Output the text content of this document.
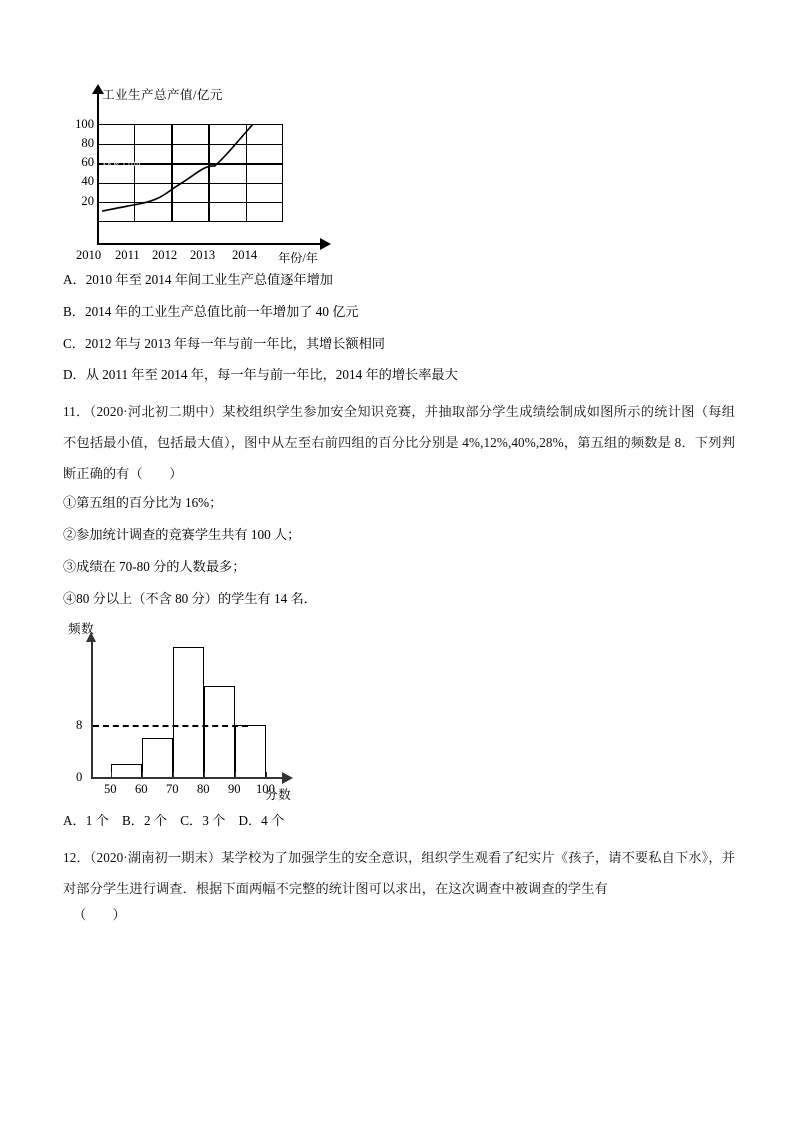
工业生产总产值/亿元
xkw.com
100
80
60
40
20
2010 2011 2012 2013 2014 年份/年
A．2010 年至 2014 年间工业生产总值逐年增加
B．2014 年的工业生产总值比前一年增加了 40 亿元
C．2012 年与 2013 年每一年与前一年比，其增长额相同
D．从 2011 年至 2014 年，每一年与前一年比，2014 年的增长率最大
11．（2020·河北初二期中）某校组织学生参加安全知识竞赛，并抽取部分学生成绩绘制成如图所示的统计图（每组不包括最小值，包括最大值），图中从左至右前四组的百分比分别是 4%,12%,40%,28%，第五组的频数是 8．下列判断正确的有（　　）
①第五组的百分比为 16%；
②参加统计调查的竞赛学生共有 100 人；
③成绩在 70-80 分的人数最多；
④80 分以上（不含 80 分）的学生有 14 名．
频数
0
8
50 60 70 80 90 100
分数
A．1 个　B．2 个　C．3 个　D．4 个
12．（2020·湖南初一期末）某学校为了加强学生的安全意识，组织学生观看了纪实片《孩子，请不要私自下水》，并对部分学生进行调查．根据下面两幅不完整的统计图可以求出，在这次调查中被调查的学生有
（　　）
